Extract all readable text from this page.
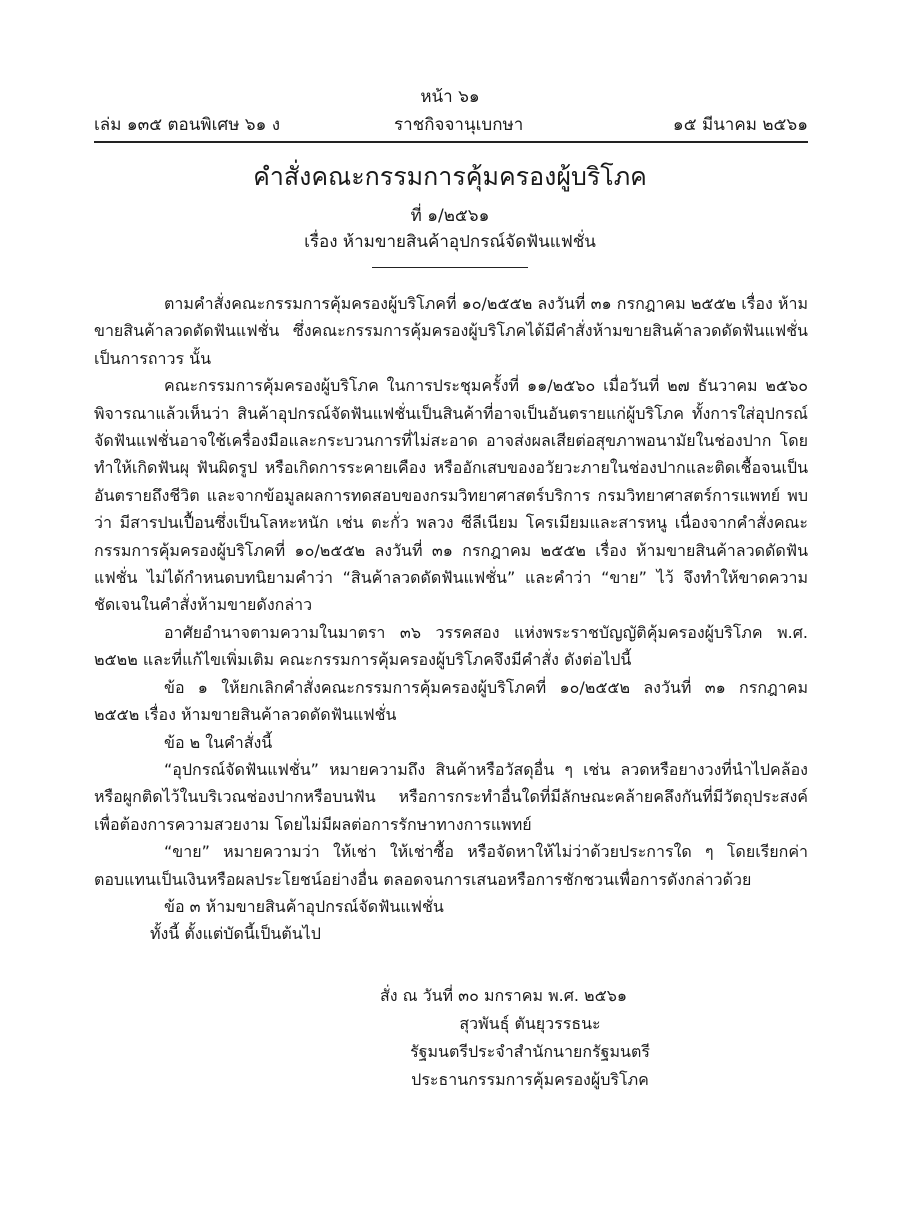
หน้า ๖๑
เล่ม ๑๓๕ ตอนพิเศษ ๖๑ ง	ราชกิจจานุเบกษา	๑๕ มีนาคม ๒๕๖๑
คำสั่งคณะกรรมการคุ้มครองผู้บริโภค
ที่ ๑/๒๕๖๑
เรื่อง ห้ามขายสินค้าอุปกรณ์จัดฟันแฟชั่น

ตามคำสั่งคณะกรรมการคุ้มครองผู้บริโภคที่ ๑๐/๒๕๕๒ ลงวันที่ ๓๑ กรกฎาคม ๒๕๕๒ เรื่อง ห้ามขายสินค้าลวดดัดฟันแฟชั่น ซึ่งคณะกรรมการคุ้มครองผู้บริโภคได้มีคำสั่งห้ามขายสินค้าลวดดัดฟันแฟชั่น เป็นการถาวร นั้น

คณะกรรมการคุ้มครองผู้บริโภค ในการประชุมครั้งที่ ๑๑/๒๕๖๐ เมื่อวันที่ ๒๗ ธันวาคม ๒๕๖๐ พิจารณาแล้วเห็นว่า สินค้าอุปกรณ์จัดฟันแฟชั่นเป็นสินค้าที่อาจเป็นอันตรายแก่ผู้บริโภค ทั้งการใส่อุปกรณ์จัดฟันแฟชั่นอาจใช้เครื่องมือและกระบวนการที่ไม่สะอาด อาจส่งผลเสียต่อสุขภาพอนามัยในช่องปาก โดยทำให้เกิดฟันผุ ฟันผิดรูป หรือเกิดการระคายเคือง หรืออักเสบของอวัยวะภายในช่องปากและติดเชื้อจนเป็นอันตรายถึงชีวิต และจากข้อมูลผลการทดสอบของกรมวิทยาศาสตร์บริการ กรมวิทยาศาสตร์การแพทย์ พบว่า มีสารปนเปื้อนซึ่งเป็นโลหะหนัก เช่น ตะกั่ว พลวง ซีลีเนียม โครเมียมและสารหนู เนื่องจากคำสั่งคณะกรรมการคุ้มครองผู้บริโภคที่ ๑๐/๒๕๕๒ ลงวันที่ ๓๑ กรกฎาคม ๒๕๕๒ เรื่อง ห้ามขายสินค้าลวดดัดฟันแฟชั่น ไม่ได้กำหนดบทนิยามคำว่า “สินค้าลวดดัดฟันแฟชั่น” และคำว่า “ขาย” ไว้ จึงทำให้ขาดความชัดเจนในคำสั่งห้ามขายดังกล่าว

อาศัยอำนาจตามความในมาตรา ๓๖ วรรคสอง แห่งพระราชบัญญัติคุ้มครองผู้บริโภค พ.ศ. ๒๕๒๒ และที่แก้ไขเพิ่มเติม คณะกรรมการคุ้มครองผู้บริโภคจึงมีคำสั่ง ดังต่อไปนี้

ข้อ ๑ ให้ยกเลิกคำสั่งคณะกรรมการคุ้มครองผู้บริโภคที่ ๑๐/๒๕๕๒ ลงวันที่ ๓๑ กรกฎาคม ๒๕๕๒ เรื่อง ห้ามขายสินค้าลวดดัดฟันแฟชั่น

ข้อ ๒ ในคำสั่งนี้

“อุปกรณ์จัดฟันแฟชั่น” หมายความถึง สินค้าหรือวัสดุอื่น ๆ เช่น ลวดหรือยางวงที่นำไปคล้องหรือผูกติดไว้ในบริเวณช่องปากหรือบนฟัน หรือการกระทำอื่นใดที่มีลักษณะคล้ายคลึงกันที่มีวัตถุประสงค์เพื่อต้องการความสวยงาม โดยไม่มีผลต่อการรักษาทางการแพทย์

“ขาย” หมายความว่า ให้เช่า ให้เช่าซื้อ หรือจัดหาให้ไม่ว่าด้วยประการใด ๆ โดยเรียกค่าตอบแทนเป็นเงินหรือผลประโยชน์อย่างอื่น ตลอดจนการเสนอหรือการชักชวนเพื่อการดังกล่าวด้วย

ข้อ ๓ ห้ามขายสินค้าอุปกรณ์จัดฟันแฟชั่น

ทั้งนี้ ตั้งแต่บัดนี้เป็นต้นไป

สั่ง ณ วันที่ ๓๐ มกราคม พ.ศ. ๒๕๖๑
สุวพันธุ์ ตันยุวรรธนะ
รัฐมนตรีประจำสำนักนายกรัฐมนตรี
ประธานกรรมการคุ้มครองผู้บริโภค
